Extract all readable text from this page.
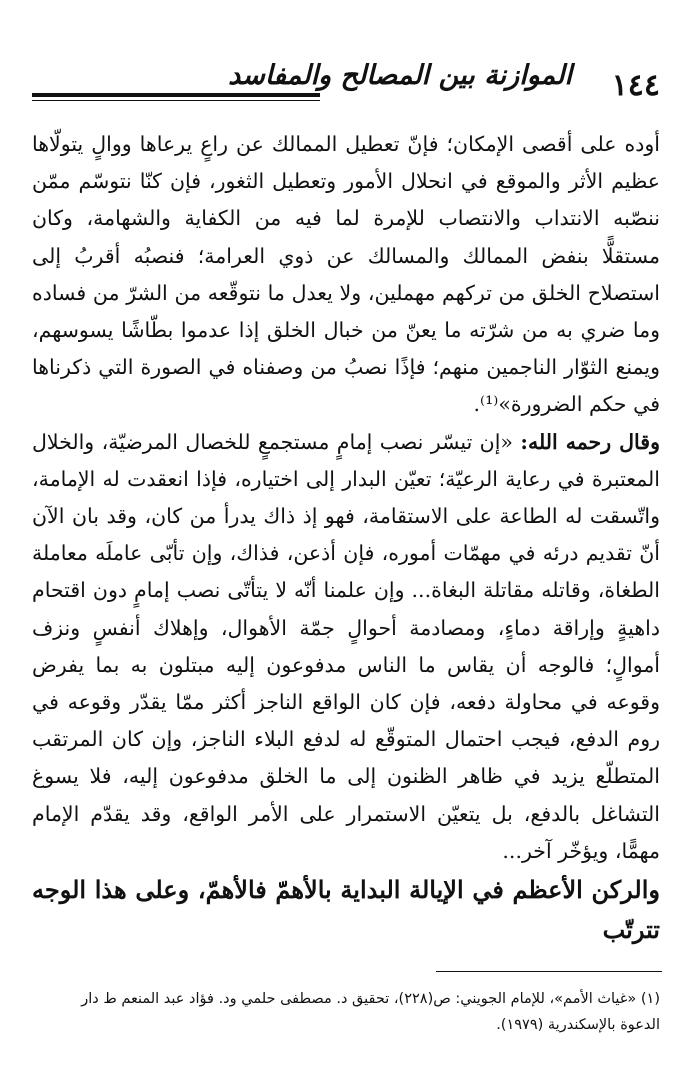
١٤٤
الموازنة بين المصالح والمفاسد

أوده على أقصى الإمكان؛ فإنّ تعطيل الممالك عن راعٍ يرعاها ووالٍ يتولّاها عظيم الأثر والموقع في انحلال الأمور وتعطيل الثغور، فإن كنّا نتوسّم ممّن ننصّبه الانتداب والانتصاب للإمرة لما فيه من الكفاية والشهامة، وكان مستقلًّا بنفض الممالك والمسالك عن ذوي العرامة؛ فنصبُه أقربُ إلى استصلاح الخلق من تركهم مهملين، ولا يعدل ما نتوقّعه من الشرّ من فساده وما ضري به من شرّته ما يعنّ من خبال الخلق إذا عدموا بطّاشًا يسوسهم، ويمنع الثوّار الناجمين منهم؛ فإذًا نصبُ من وصفناه في الصورة التي ذكرناها في حكم الضرورة»⁽¹⁾.

وقال رحمه الله: «إن تيسّر نصب إمامٍ مستجمعٍ للخصال المرضيّة، والخلال المعتبرة في رعاية الرعيّة؛ تعيّن البدار إلى اختياره، فإذا انعقدت له الإمامة، واتّسقت له الطاعة على الاستقامة، فهو إذ ذاك يدرأ من كان، وقد بان الآن أنّ تقديم درئه في مهمّات أموره، فإن أذعن، فذاك، وإن تأبّى عاملَه معاملة الطغاة، وقاتله مقاتلة البغاة... وإن علمنا أنّه لا يتأتّى نصب إمامٍ دون اقتحام داهيةٍ وإراقة دماءٍ، ومصادمة أحوالٍ جمّة الأهوال، وإهلاك أنفسٍ ونزف أموالٍ؛ فالوجه أن يقاس ما الناس مدفوعون إليه مبتلون به بما يفرض وقوعه في محاولة دفعه، فإن كان الواقع الناجز أكثر ممّا يقدّر وقوعه في روم الدفع، فيجب احتمال المتوقّع له لدفع البلاء الناجز، وإن كان المرتقب المتطلّع يزيد في ظاهر الظنون إلى ما الخلق مدفوعون إليه، فلا يسوغ التشاغل بالدفع، بل يتعيّن الاستمرار على الأمر الواقع، وقد يقدّم الإمام مهمًّا، ويؤخّر آخر...

والركن الأعظم في الإيالة البداية بالأهمّ فالأهمّ، وعلى هذا الوجه تترتّب

(١) «غياث الأمم»، للإمام الجويني: ص(٢٢٨)، تحقيق د. مصطفى حلمي ود. فؤاد عبد المنعم ط دار

الدعوة بالإسكندرية (١٩٧٩).
